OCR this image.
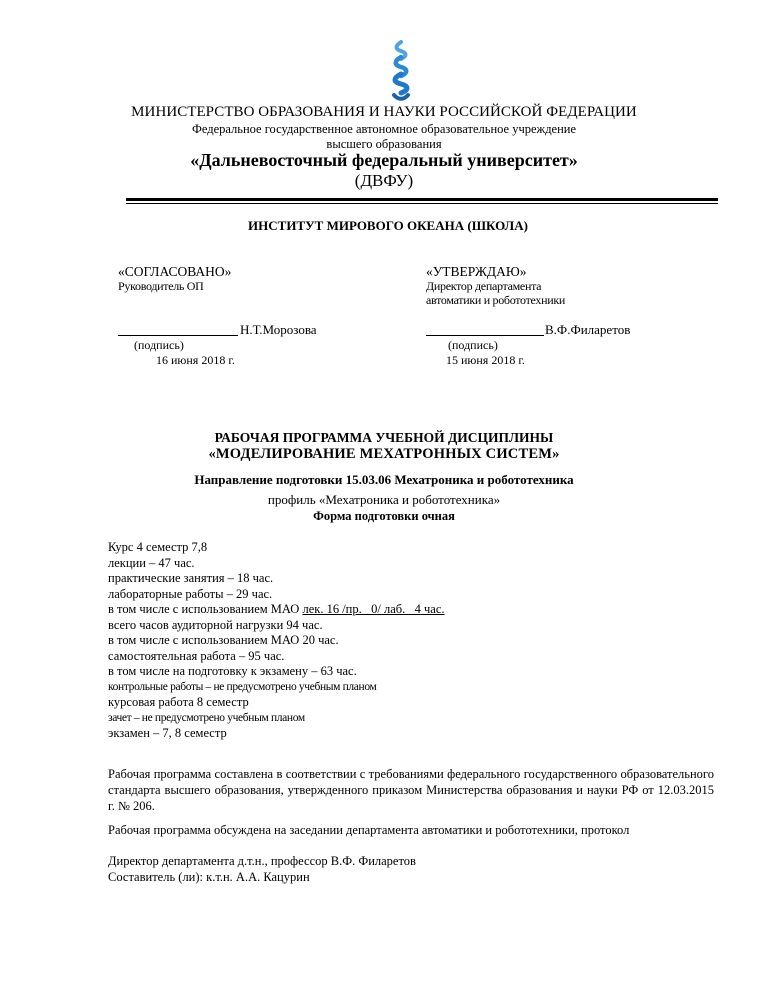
МИНИСТЕРСТВО ОБРАЗОВАНИЯ И НАУКИ РОССИЙСКОЙ ФЕДЕРАЦИИ
Федеральное государственное автономное образовательное учреждение
высшего образования
«Дальневосточный федеральный университет»
(ДВФУ)
ИНСТИТУТ МИРОВОГО ОКЕАНА (ШКОЛА)
«СОГЛАСОВАНО»
Руководитель ОП
Н.Т.Морозова
(подпись)
16 июня 2018 г.
«УТВЕРЖДАЮ»
Директор департамента
автоматики и робототехники
В.Ф.Филаретов
(подпись)
15 июня 2018 г.
РАБОЧАЯ ПРОГРАММА УЧЕБНОЙ ДИСЦИПЛИНЫ
«МОДЕЛИРОВАНИЕ МЕХАТРОННЫХ СИСТЕМ»
Направление подготовки 15.03.06 Мехатроника и робототехника
профиль «Мехатроника и робототехника»
Форма подготовки очная
Курс 4 семестр 7,8
лекции – 47 час.
практические занятия – 18 час.
лабораторные работы – 29 час.
в том числе с использованием МАО лек. 16 /пр. _0/ лаб. _4 час.
всего часов аудиторной нагрузки 94 час.
в том числе с использованием МАО 20 час.
самостоятельная работа – 95 час.
в том числе на подготовку к экзамену – 63 час.
контрольные работы – не предусмотрено учебным планом
курсовая работа 8 семестр
зачет – не предусмотрено учебным планом
экзамен – 7, 8 семестр
Рабочая программа составлена в соответствии с требованиями федерального государственного образовательного стандарта высшего образования, утвержденного приказом Министерства образования и науки РФ от 12.03.2015 г. № 206.
Рабочая программа обсуждена на заседании департамента автоматики и робототехники, протокол
Директор департамента д.т.н., профессор В.Ф. Филаретов
Составитель (ли): к.т.н. А.А. Кацурин
